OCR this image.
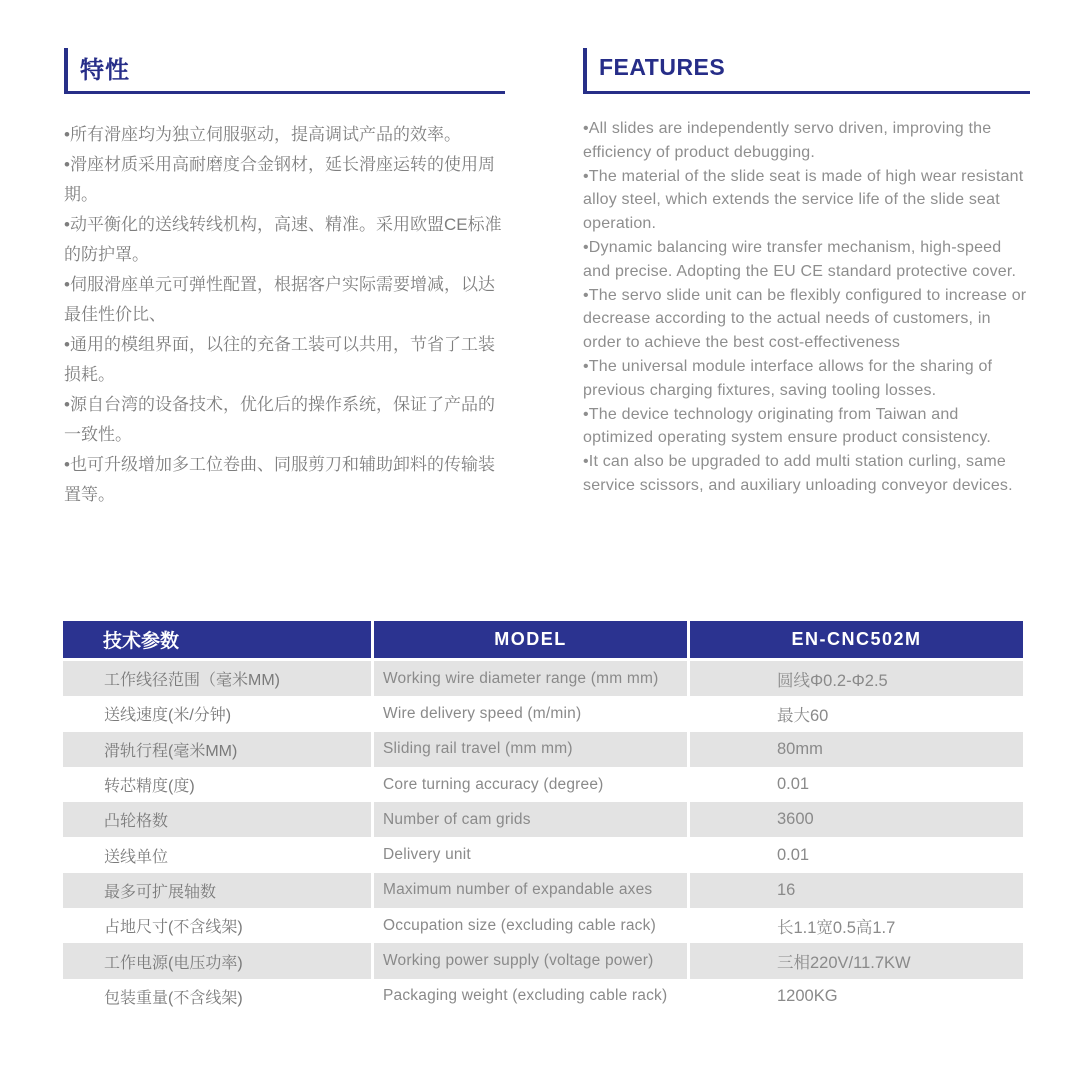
特性

•所有滑座均为独立伺服驱动，提高调试产品的效率。

•滑座材质采用高耐磨度合金钢材，延长滑座运转的使用周期。

•动平衡化的送线转线机构，高速、精准。采用欧盟CE标准的防护罩。

•伺服滑座单元可弹性配置，根据客户实际需要增减，以达最佳性价比、

•通用的模组界面，以往的充备工装可以共用，节省了工装损耗。

•源自台湾的设备技术，优化后的操作系统，保证了产品的一致性。

•也可升级增加多工位卷曲、同服剪刀和辅助卸料的传输装置等。

FEATURES

•All slides are independently servo driven, improving the efficiency of product debugging.

•The material of the slide seat is made of high wear resistant alloy steel, which extends the service life of the slide seat operation.

•Dynamic balancing wire transfer mechanism, high-speed and precise. Adopting the EU CE standard protective cover.

•The servo slide unit can be flexibly configured to increase or decrease according to the actual needs of customers, in order to achieve the best cost-effectiveness

•The universal module interface allows for the sharing of previous charging fixtures, saving tooling losses.

•The device technology originating from Taiwan and optimized operating system ensure product consistency.

•It can also be upgraded to add multi station curling, same service scissors, and auxiliary unloading conveyor devices.

技术参数	MODEL	EN-CNC502M
工作线径范围（毫米MM)	Working wire diameter range (mm mm)	圆线Φ0.2-Φ2.5
送线速度(米/分钟)	Wire delivery speed (m/min)	最大60
滑轨行程(毫米MM)	Sliding rail travel (mm mm)	80mm
转芯精度(度)	Core turning accuracy (degree)	0.01
凸轮格数	Number of cam grids	3600
送线单位	Delivery unit	0.01
最多可扩展轴数	Maximum number of expandable axes	16
占地尺寸(不含线架)	Occupation size (excluding cable rack)	长1.1宽0.5高1.7
工作电源(电压功率)	Working power supply (voltage power)	三相220V/11.7KW
包装重量(不含线架)	Packaging weight (excluding cable rack)	1200KG
